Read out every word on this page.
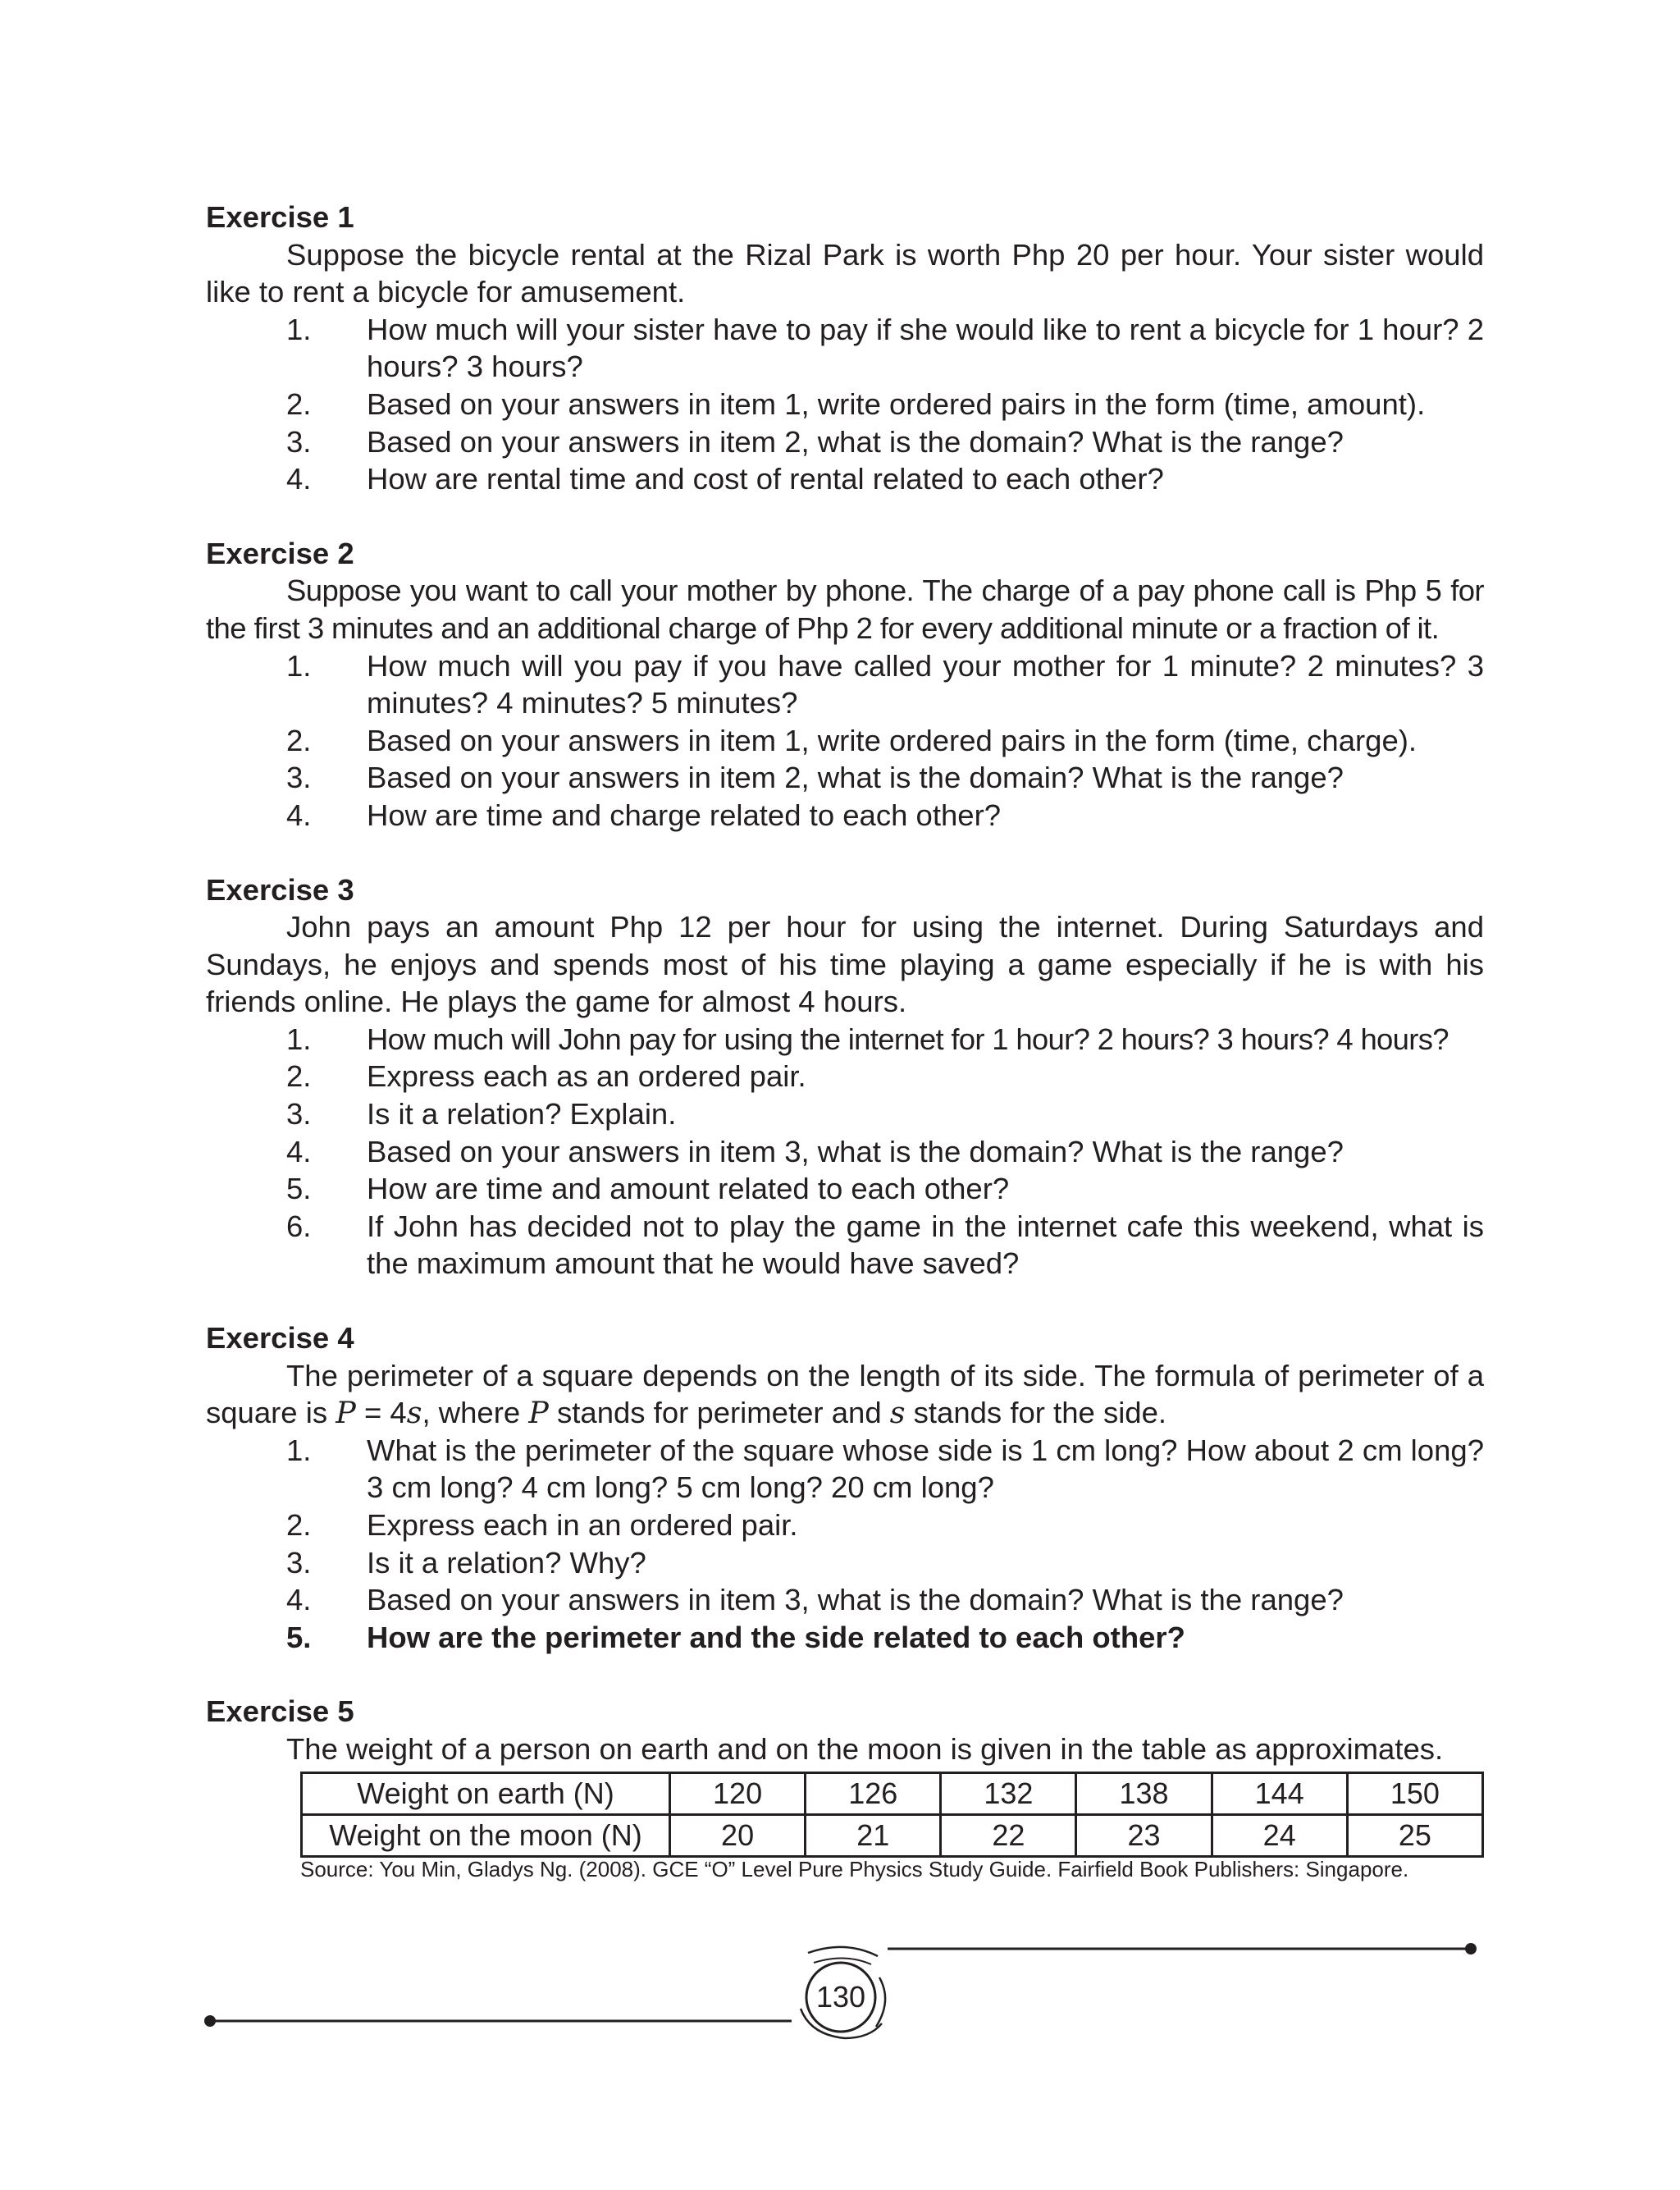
Exercise 1
Suppose the bicycle rental at the Rizal Park is worth Php 20 per hour. Your sister would like to rent a bicycle for amusement.
1.	How much will your sister have to pay if she would like to rent a bicycle for 1 hour? 2 hours? 3 hours?
2.	Based on your answers in item 1, write ordered pairs in the form (time, amount).
3.	Based on your answers in item 2, what is the domain? What is the range?
4.	How are rental time and cost of rental related to each other?
Exercise 2
Suppose you want to call your mother by phone. The charge of a pay phone call is Php 5 for the first 3 minutes and an additional charge of Php 2 for every additional minute or a fraction of it.
1.	How much will you pay if you have called your mother for 1 minute? 2 minutes? 3 minutes? 4 minutes? 5 minutes?
2.	Based on your answers in item 1, write ordered pairs in the form (time, charge).
3.	Based on your answers in item 2, what is the domain? What is the range?
4.	How are time and charge related to each other?
Exercise 3
John pays an amount Php 12 per hour for using the internet. During Saturdays and Sundays, he enjoys and spends most of his time playing a game especially if he is with his friends online. He plays the game for almost 4 hours.
1.	How much will John pay for using the internet for 1 hour? 2 hours? 3 hours? 4 hours?
2.	Express each as an ordered pair.
3.	Is it a relation? Explain.
4.	Based on your answers in item 3, what is the domain? What is the range?
5.	How are time and amount related to each other?
6.	If John has decided not to play the game in the internet cafe this weekend, what is the maximum amount that he would have saved?
Exercise 4
The perimeter of a square depends on the length of its side. The formula of perimeter of a square is P = 4s, where P stands for perimeter and s stands for the side.
1.	What is the perimeter of the square whose side is 1 cm long? How about 2 cm long? 3 cm long? 4 cm long? 5 cm long? 20 cm long?
2.	Express each in an ordered pair.
3.	Is it a relation? Why?
4.	Based on your answers in item 3, what is the domain? What is the range?
5.	How are the perimeter and the side related to each other?
Exercise 5
The weight of a person on earth and on the moon is given in the table as approximates.
Weight on earth (N)	120	126	132	138	144	150
Weight on the moon (N)	20	21	22	23	24	25
Source: You Min, Gladys Ng. (2008). GCE “O” Level Pure Physics Study Guide. Fairfield Book Publishers: Singapore.
130
